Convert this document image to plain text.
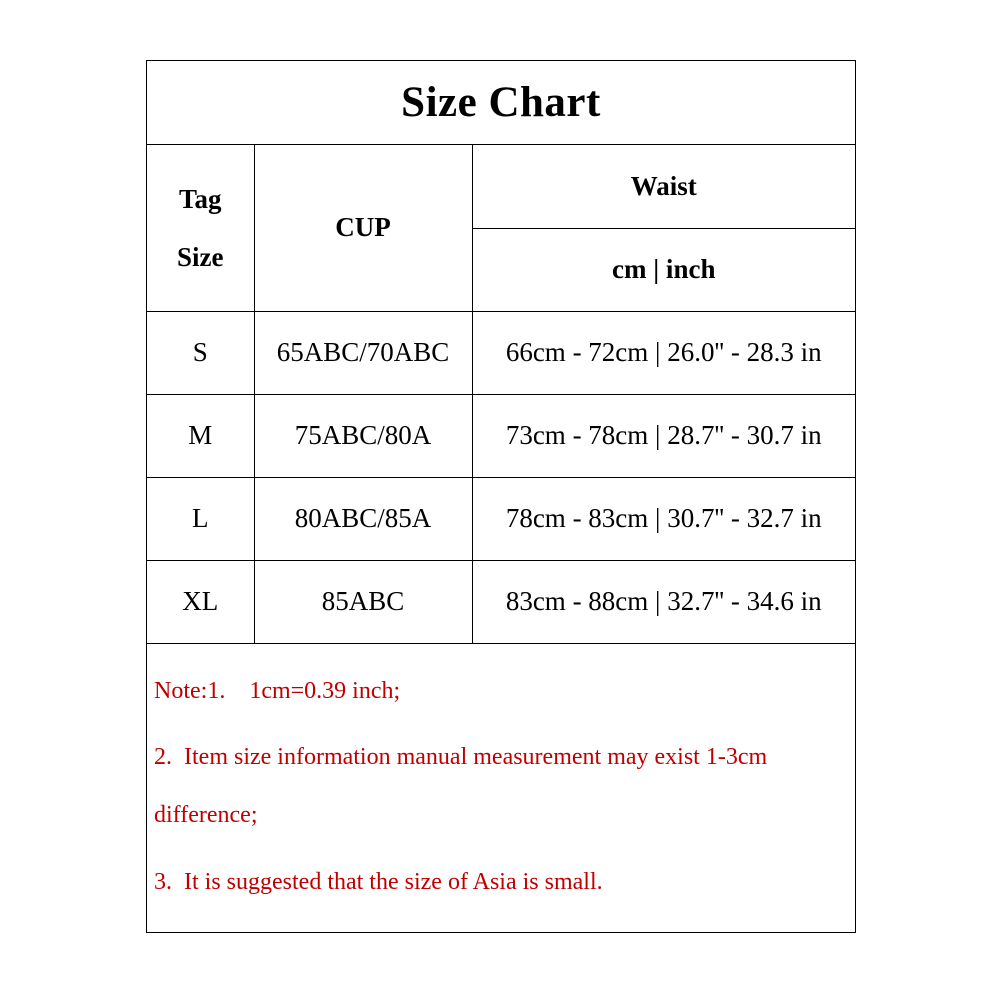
Size Chart
Tag
Size	CUP	Waist
		cm | inch
S	65ABC/70ABC	66cm - 72cm | 26.0'' - 28.3 in
M	75ABC/80A	73cm - 78cm | 28.7'' - 30.7 in
L	80ABC/85A	78cm - 83cm | 30.7'' - 32.7 in
XL	85ABC	83cm - 88cm | 32.7'' - 34.6 in
Note:1.    1cm=0.39 inch;
2.  Item size information manual measurement may exist 1-3cm
difference;
3.  It is suggested that the size of Asia is small.
